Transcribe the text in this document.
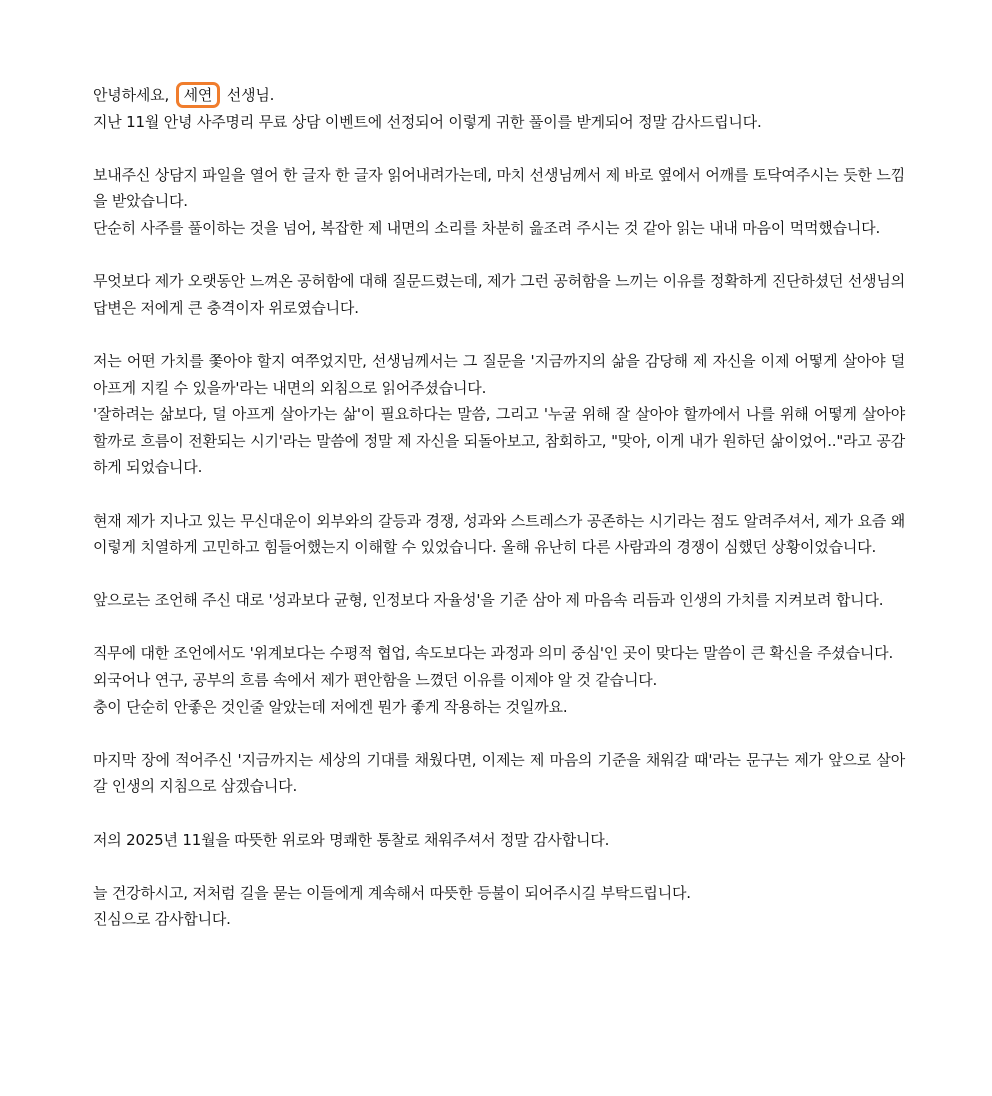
안녕하세요, 세연 선생님.
지난 11월 안녕 사주명리 무료 상담 이벤트에 선정되어 이렇게 귀한 풀이를 받게되어 정말 감사드립니다.
보내주신 상담지 파일을 열어 한 글자 한 글자 읽어내려가는데, 마치 선생님께서 제 바로 옆에서 어깨를 토닥여주시는 듯한 느낌을 받았습니다.
단순히 사주를 풀이하는 것을 넘어, 복잡한 제 내면의 소리를 차분히 읊조려 주시는 것 같아 읽는 내내 마음이 먹먹했습니다.
무엇보다 제가 오랫동안 느껴온 공허함에 대해 질문드렸는데, 제가 그런 공허함을 느끼는 이유를 정확하게 진단하셨던 선생님의 답변은 저에게 큰 충격이자 위로였습니다.
저는 어떤 가치를 쫓아야 할지 여쭈었지만, 선생님께서는 그 질문을 '지금까지의 삶을 감당해 제 자신을 이제 어떻게 살아야 덜 아프게 지킬 수 있을까'라는 내면의 외침으로 읽어주셨습니다.
'잘하려는 삶보다, 덜 아프게 살아가는 삶'이 필요하다는 말씀, 그리고 '누굴 위해 잘 살아야 할까에서 나를 위해 어떻게 살아야 할까로 흐름이 전환되는 시기'라는 말씀에 정말 제 자신을 되돌아보고, 참회하고, "맞아, 이게 내가 원하던 삶이었어.."라고 공감하게 되었습니다.
현재 제가 지나고 있는 무신대운이 외부와의 갈등과 경쟁, 성과와 스트레스가 공존하는 시기라는 점도 알려주셔서, 제가 요즘 왜 이렇게 치열하게 고민하고 힘들어했는지 이해할 수 있었습니다. 올해 유난히 다른 사람과의 경쟁이 심했던 상황이었습니다.
앞으로는 조언해 주신 대로 '성과보다 균형, 인정보다 자율성'을 기준 삼아 제 마음속 리듬과 인생의 가치를 지켜보려 합니다.
직무에 대한 조언에서도 '위계보다는 수평적 협업, 속도보다는 과정과 의미 중심'인 곳이 맞다는 말씀이 큰 확신을 주셨습니다.
외국어나 연구, 공부의 흐름 속에서 제가 편안함을 느꼈던 이유를 이제야 알 것 같습니다.
충이 단순히 안좋은 것인줄 알았는데 저에겐 뭔가 좋게 작용하는 것일까요.
마지막 장에 적어주신 '지금까지는 세상의 기대를 채웠다면, 이제는 제 마음의 기준을 채워갈 때'라는 문구는 제가 앞으로 살아갈 인생의 지침으로 삼겠습니다.
저의 2025년 11월을 따뜻한 위로와 명쾌한 통찰로 채워주셔서 정말 감사합니다.
늘 건강하시고, 저처럼 길을 묻는 이들에게 계속해서 따뜻한 등불이 되어주시길 부탁드립니다.
진심으로 감사합니다.
